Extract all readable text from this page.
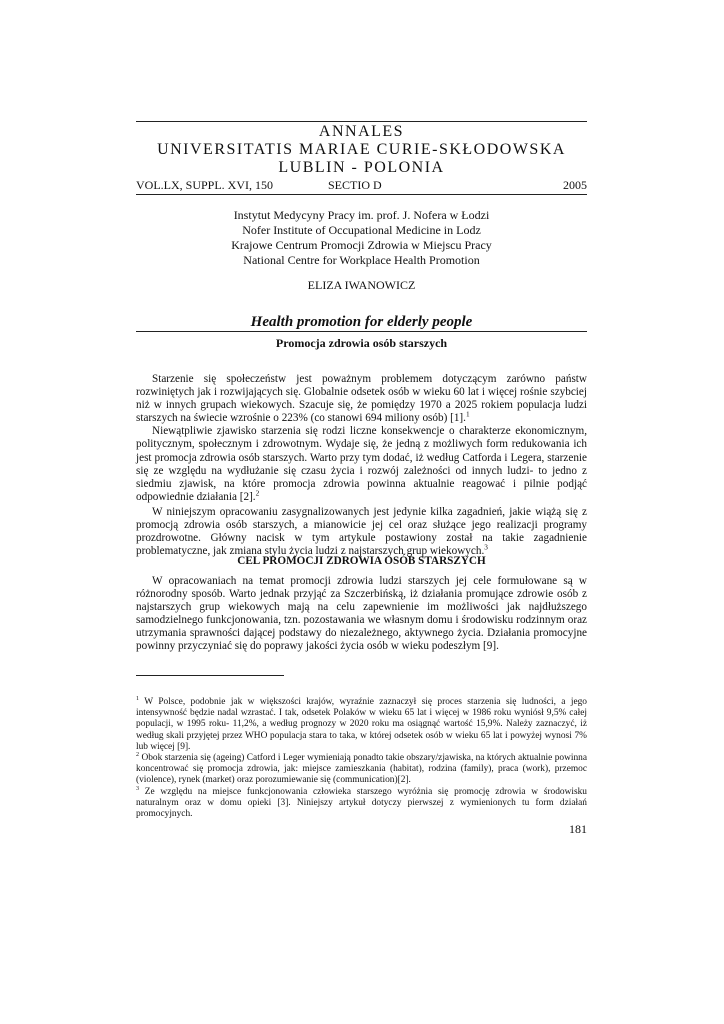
ANNALES
UNIVERSITATIS MARIAE CURIE-SKŁODOWSKA
LUBLIN - POLONIA
VOL.LX, SUPPL. XVI, 150	SECTIO D	2005
Instytut Medycyny Pracy im. prof. J. Nofera w Łodzi
Nofer Institute of Occupational Medicine in Lodz
Krajowe Centrum Promocji Zdrowia w Miejscu Pracy
National Centre for Workplace Health Promotion
ELIZA IWANOWICZ
Health promotion for elderly people
Promocja zdrowia osób starszych

Starzenie się społeczeństw jest poważnym problemem dotyczącym zarówno państw rozwiniętych jak i rozwijających się. Globalnie odsetek osób w wieku 60 lat i więcej rośnie szybciej niż w innych grupach wiekowych. Szacuje się, że pomiędzy 1970 a 2025 rokiem populacja ludzi starszych na świecie wzrośnie o 223% (co stanowi 694 miliony osób) [1].$^1$

Niewątpliwie zjawisko starzenia się rodzi liczne konsekwencje o charakterze ekonomicznym, politycznym, społecznym i zdrowotnym. Wydaje się, że jedną z możliwych form redukowania ich jest promocja zdrowia osób starszych. Warto przy tym dodać, iż według Catforda i Legera, starzenie się ze względu na wydłużanie się czasu życia i rozwój zależności od innych ludzi- to jedno z siedmiu zjawisk, na które promocja zdrowia powinna aktualnie reagować i pilnie podjąć odpowiednie działania [2].$^2$

W niniejszym opracowaniu zasygnalizowanych jest jedynie kilka zagadnień, jakie wiążą się z promocją zdrowia osób starszych, a mianowicie jej cel oraz służące jego realizacji programy prozdrowotne. Główny nacisk w tym artykule postawiony został na takie zagadnienie problematyczne, jak zmiana stylu życia ludzi z najstarszych grup wiekowych.$^3$

CEL PROMOCJI ZDROWIA OSÓB STARSZYCH

W opracowaniach na temat promocji zdrowia ludzi starszych jej cele formułowane są w różnorodny sposób. Warto jednak przyjąć za Szczerbińską, iż działania promujące zdrowie osób z najstarszych grup wiekowych mają na celu zapewnienie im możliwości jak najdłuższego samodzielnego funkcjonowania, tzn. pozostawania we własnym domu i środowisku rodzinnym oraz utrzymania sprawności dającej podstawy do niezależnego, aktywnego życia. Działania promocyjne powinny przyczyniać się do poprawy jakości życia osób w wieku podeszłym [9].

$^1$ W Polsce, podobnie jak w większości krajów, wyraźnie zaznaczył się proces starzenia się ludności, a jego intensywność będzie nadal wzrastać. I tak, odsetek Polaków w wieku 65 lat i więcej w 1986 roku wyniósł 9,5% całej populacji, w 1995 roku- 11,2%, a według prognozy w 2020 roku ma osiągnąć wartość 15,9%. Należy zaznaczyć, iż według skali przyjętej przez WHO populacja stara to taka, w której odsetek osób w wieku 65 lat i powyżej wynosi 7% lub więcej [9].

$^2$ Obok starzenia się (ageing) Catford i Leger wymieniają ponadto takie obszary/zjawiska, na których aktualnie powinna koncentrować się promocja zdrowia, jak: miejsce zamieszkania (habitat), rodzina (family), praca (work), przemoc (violence), rynek (market) oraz porozumiewanie się (communication)[2].

$^3$ Ze względu na miejsce funkcjonowania człowieka starszego wyróżnia się promocję zdrowia w środowisku naturalnym oraz w domu opieki [3]. Niniejszy artykuł dotyczy pierwszej z wymienionych tu form działań promocyjnych.

181
